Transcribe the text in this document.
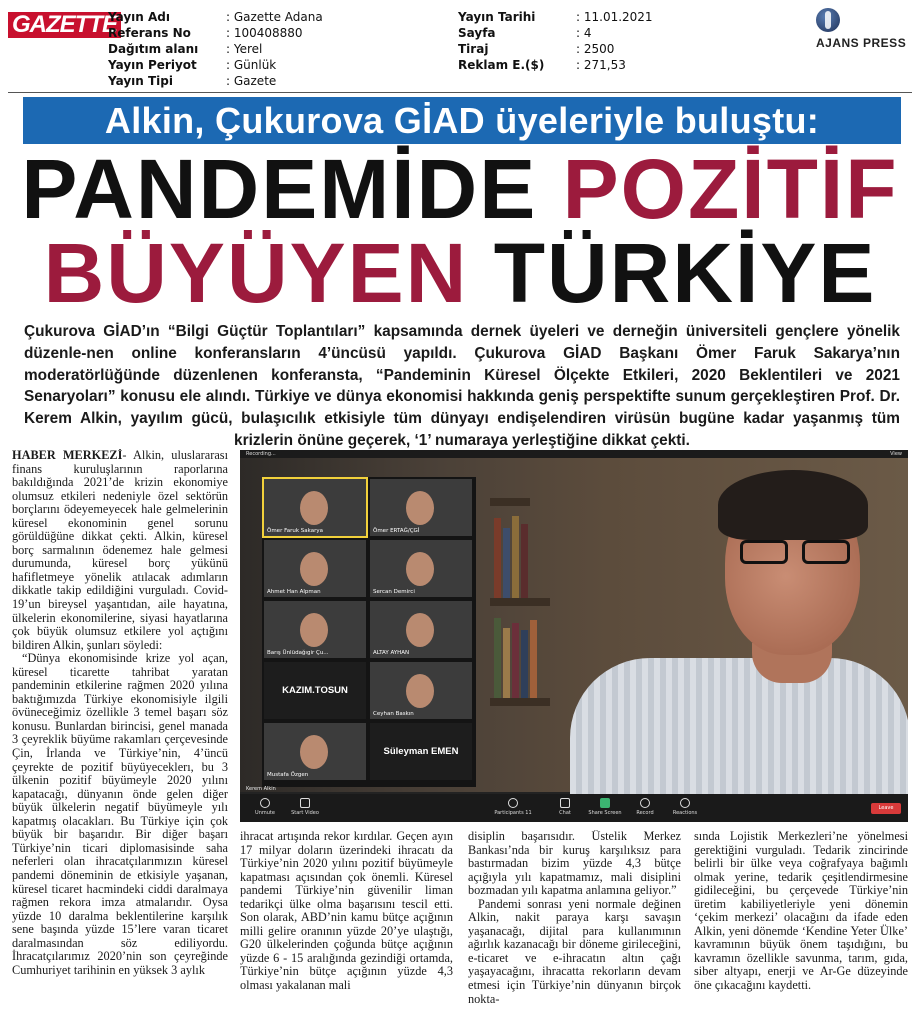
GAZETTE
Yayın Adı	: Gazette Adana
Referans No	: 100408880
Dağıtım alanı	: Yerel
Yayın Periyot	: Günlük
Yayın Tipi	: Gazete
Yayın Tarihi	: 11.01.2021
Sayfa	: 4
Tiraj	: 2500
Reklam E.($)	: 271,53
AJANS PRESS
Alkin, Çukurova GİAD üyeleriyle buluştu:
PANDEMİDE POZİTİF
BÜYÜYEN TÜRKİYE
Çukurova GİAD’ın “Bilgi Güçtür Toplantıları” kapsamında dernek üyeleri ve derneğin üniversiteli gençlere yönelik düzenle-nen online konferansların 4’üncüsü yapıldı. Çukurova GİAD Başkanı Ömer Faruk Sakarya’nın moderatörlüğünde düzenlenen konferansta, “Pandeminin Küresel Ölçekte Etkileri, 2020 Beklentileri ve 2021 Senaryoları” konusu ele alındı. Türkiye ve dünya ekonomisi hakkında geniş perspektifte sunum gerçekleştiren Prof. Dr. Kerem Alkin, yayılım gücü, bulaşıcılık etkisiyle tüm dünyayı endişelendiren virüsün bugüne kadar yaşanmış tüm krizlerin önüne geçerek, ‘1’ numaraya yerleştiğine dikkat çekti.

HABER MERKEZİ- Alkin, uluslararası finans kuruluşlarının raporlarına bakıldığında 2021’de krizin ekonomiye olumsuz etkileri nedeniyle özel sektörün borçlarını ödeyemeyecek hale gelmelerinin küresel ekonominin genel sorunu görüldüğüne dikkat çekti. Alkin, küresel borç sarmalının ödenemez hale gelmesi durumunda, küresel borç yükünü hafifletmeye yönelik atılacak adımların dikkatle takip edildiğini vurguladı. Covid-19’un bireysel yaşantıdan, aile hayatına, ülkelerin ekonomilerine, siyasi hayatlarına çok büyük olumsuz etkilere yol açtığını bildiren Alkin, şunları söyledi:

“Dünya ekonomisinde krize yol açan, küresel ticarette tahribat yaratan pandeminin etkilerine rağmen 2020 yılına baktığımızda Türkiye ekonomisiyle ilgili övüneceğimiz özellikle 3 temel başarı söz konusu. Bunlardan birincisi, genel manada 3 çeyreklik büyüme rakamları çerçevesinde Çin, İrlanda ve Türkiye’nin, 4’üncü çeyrekte de pozitif büyüyeceklerı, bu 3 ülkenin pozitif büyümeyle 2020 yılını kapatacağı, dünyanın önde gelen diğer büyük ülkelerin negatif büyümeyle yılı kapatmış olacakları. Bu Türkiye için çok büyük bir başarıdır. Bir diğer başarı Türkiye’nin ticari diplomasisinde saha neferleri olan ihracatçılarımızın küresel pandemi döneminin de etkisiyle yaşanan, küresel ticaret hacmindeki ciddi daralmaya rağmen rekora imza atmalarıdır. Oysa yüzde 10 daralma beklentilerine karşılık sene başında yüzde 15’lere varan ticaret daralmasından söz ediliyordu. İhracatçılarımız 2020’nin son çeyreğinde Cumhuriyet tarihinin en yüksek 3 aylık

Recording...	View
Ömer Faruk Sakarya	Ömer ERTAĞ/ÇGİ
Ahmet Han Alpman	Sercan Demirci
Barış Ünlüdağıgir Çu...	ALTAY AYHAN
KAZIM.TOSUN
Ceyhan Baskın
Mustafa Özgen
Süleyman EMEN
Kerem Alkin
Unmute	Start Video	Participants 11	Chat	Share Screen	Record	Reactions
Leave

ihracat artışında rekor kırdılar. Geçen ayın 17 milyar doların üzerindeki ihracatı da Türkiye’nin 2020 yılını pozitif büyümeyle kapatması açısından çok önemli. Küresel pandemi Türkiye’nin güvenilir liman tedarikçi ülke olma başarısını tescil etti. Son olarak, ABD’nin kamu bütçe açığının milli gelire oranının yüzde 20’ye ulaştığı, G20 ülkelerinden çoğunda bütçe açığının yüzde 6 - 15 aralığında gezindiği ortamda, Türkiye’nin bütçe açığının yüzde 4,3 olması yakalanan mali

disiplin başarısıdır. Üstelik Merkez Bankası’nda bir kuruş karşılıksız para bastırmadan bizim yüzde 4,3 bütçe açığıyla yılı kapatmamız, mali disiplini bozmadan yılı kapatma anlamına geliyor.”

Pandemi sonrası yeni normale değinen Alkin, nakit paraya karşı savaşın yaşanacağı, dijital para kullanımının ağırlık kazanacağı bir döneme girileceğini, e-ticaret ve e-ihracatın altın çağı yaşayacağını, ihracatta rekorların devam etmesi için Türkiye’nin dünyanın birçok nokta-

sında Lojistik Merkezleri’ne yönelmesi gerektiğini vurguladı. Tedarik zincirinde belirli bir ülke veya coğrafyaya bağımlı olmak yerine, tedarik çeşitlendirmesine gidileceğini, bu çerçevede Türkiye’nin üretim kabiliyetleriyle yeni dönemin ‘çekim merkezi’ olacağını da ifade eden Alkin, yeni dönemde ‘Kendine Yeter Ülke’ kavramının büyük önem taşıdığını, bu kavramın özellikle savunma, tarım, gıda, siber altyapı, enerji ve Ar-Ge düzeyinde öne çıkacağını kaydetti.
